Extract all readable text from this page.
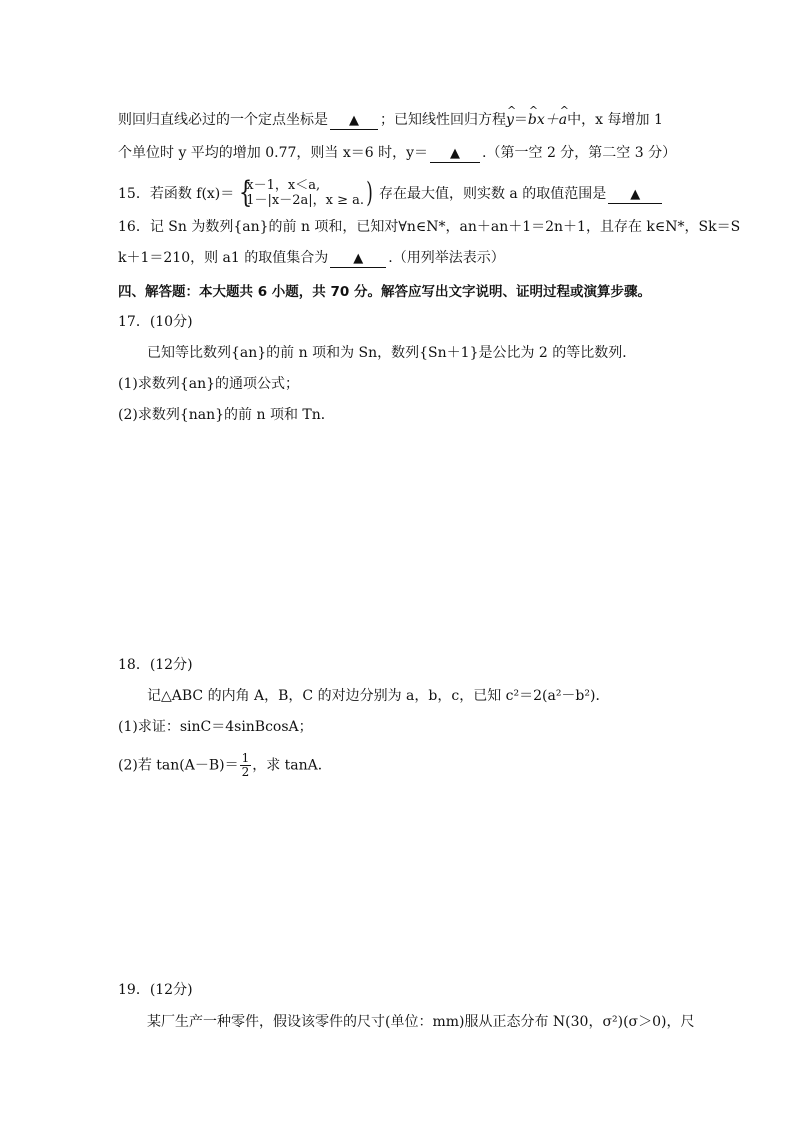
则回归直线必过的一个定点坐标是 ▲ ；已知线性回归方程^ y＝^ bx＋^ a中，x 每增加 1
个单位时 y 平均的增加 0.77，则当 x＝6 时，y＝ ▲ .（第一空 2 分，第二空 3 分）
15．若函数 f(x)＝ {
x－1，x＜a,
1－|x－2a|，x ≥ a.) 存在最大值，则实数 a 的取值范围是 ▲
16．记 Sn 为数列{an}的前 n 项和，已知对∀n∈N*，an＋an＋1＝2n＋1，且存在 k∈N*，Sk＝S
k＋1＝210，则 a1 的取值集合为 ▲ .（用列举法表示）
四、解答题：本大题共 6 小题，共 70 分。解答应写出文字说明、证明过程或演算步骤。
17．(10分)
已知等比数列{an}的前 n 项和为 Sn，数列{Sn＋1}是公比为 2 的等比数列．
(1)求数列{an}的通项公式；
(2)求数列{nan}的前 n 项和 Tn．
18．(12分)
记△ABC 的内角 A，B，C 的对边分别为 a，b，c，已知 c²＝2(a²－b²)．
(1)求证：sinC＝4sinBcosA；
(2)若 $\tan(A-B)= \frac{1}{2}$ ，求 tanA．
19．(12分)
某厂生产一种零件，假设该零件的尺寸(单位：mm)服从正态分布 N(30，σ²)(σ＞0)，尺
